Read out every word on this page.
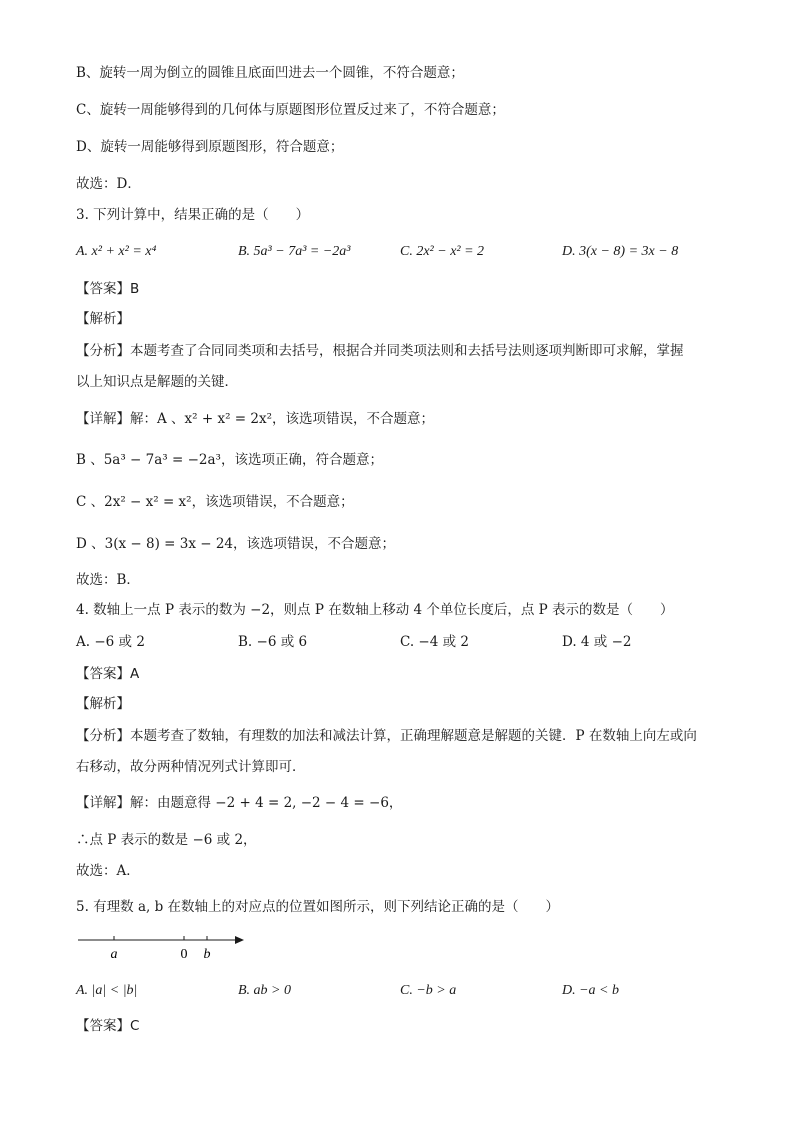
B、旋转一周为倒立的圆锥且底面凹进去一个圆锥，不符合题意；
C、旋转一周能够得到的几何体与原题图形位置反过来了，不符合题意；
D、旋转一周能够得到原题图形，符合题意；
故选：D．
3. 下列计算中，结果正确的是（　　）
A. x² + x² = x⁴	B. 5a³ − 7a³ = −2a³	C. 2x² − x² = 2	D. 3(x − 8) = 3x − 8
【答案】B
【解析】
【分析】本题考查了合同同类项和去括号，根据合并同类项法则和去括号法则逐项判断即可求解，掌握
以上知识点是解题的关键．
【详解】解：A 、x² + x² = 2x²，该选项错误，不合题意；
B 、5a³ − 7a³ = −2a³，该选项正确，符合题意；
C 、2x² − x² = x²，该选项错误，不合题意；
D 、3(x − 8) = 3x − 24，该选项错误，不合题意；
故选：B．
4. 数轴上一点 P 表示的数为 −2，则点 P 在数轴上移动 4 个单位长度后，点 P 表示的数是（　　）
A. −6 或 2	B. −6 或 6	C. −4 或 2	D. 4 或 −2
【答案】A
【解析】
【分析】本题考查了数轴，有理数的加法和减法计算，正确理解题意是解题的关键．P 在数轴上向左或向
右移动，故分两种情况列式计算即可．
【详解】解：由题意得 −2 + 4 = 2, −2 − 4 = −6，
∴点 P 表示的数是 −6 或 2，
故选：A．
5. 有理数 a, b 在数轴上的对应点的位置如图所示，则下列结论正确的是（　　）
a	0 b
A. |a| < |b|	B. ab > 0	C. −b > a	D. −a < b
【答案】C
